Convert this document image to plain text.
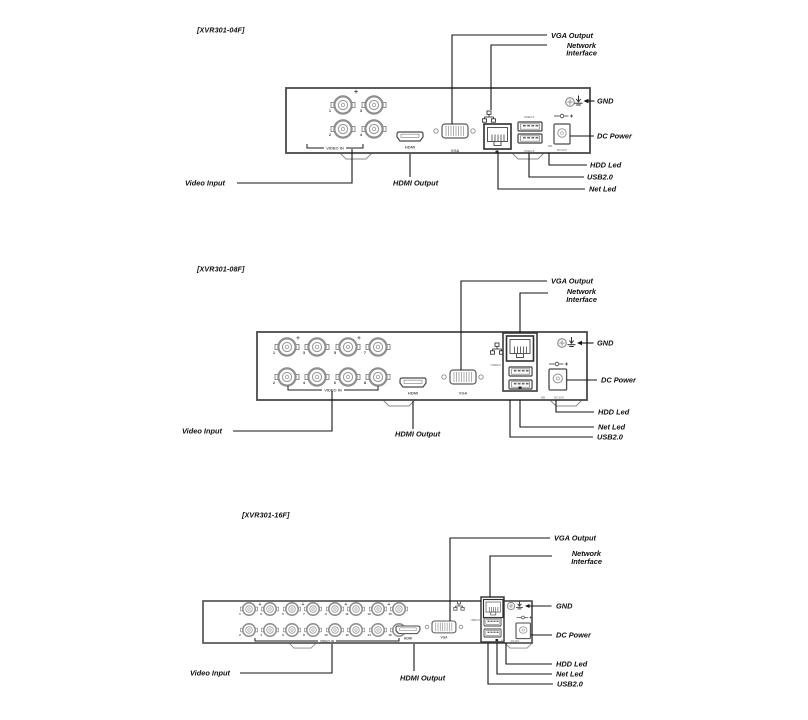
[XVR301-04F]
+
1	3
2	4
VIDEO IN	HDMI
VGA
USB2.0
USB2.0
HD
DC12V
VGA Output
Network
Interface
GND
DC Power
HDD Led
USB2.0
Net Led
Video Input	HDMI Output
[XVR301-08F]
+	+
1	3	5	7
2	4	6	8
VIDEO IN
HDMI	VGA
USB2.0
HD	DC12V
VGA Output
Network
Interface
GND
DC Power
HDD Led
Net Led
USB2.0
Video Input	HDMI Output
[XVR301-16F]
+	+	+	+
1	3	5	7	9	11	13	15
2	4	6	8	10	12	14	16
VIDEO IN
HDMI	VGA
USB2.0
HD DC12V
VGA Output
Network
Interface
GND
DC Power
HDD Led
Net Led
USB2.0
Video Input
HDMI Output
